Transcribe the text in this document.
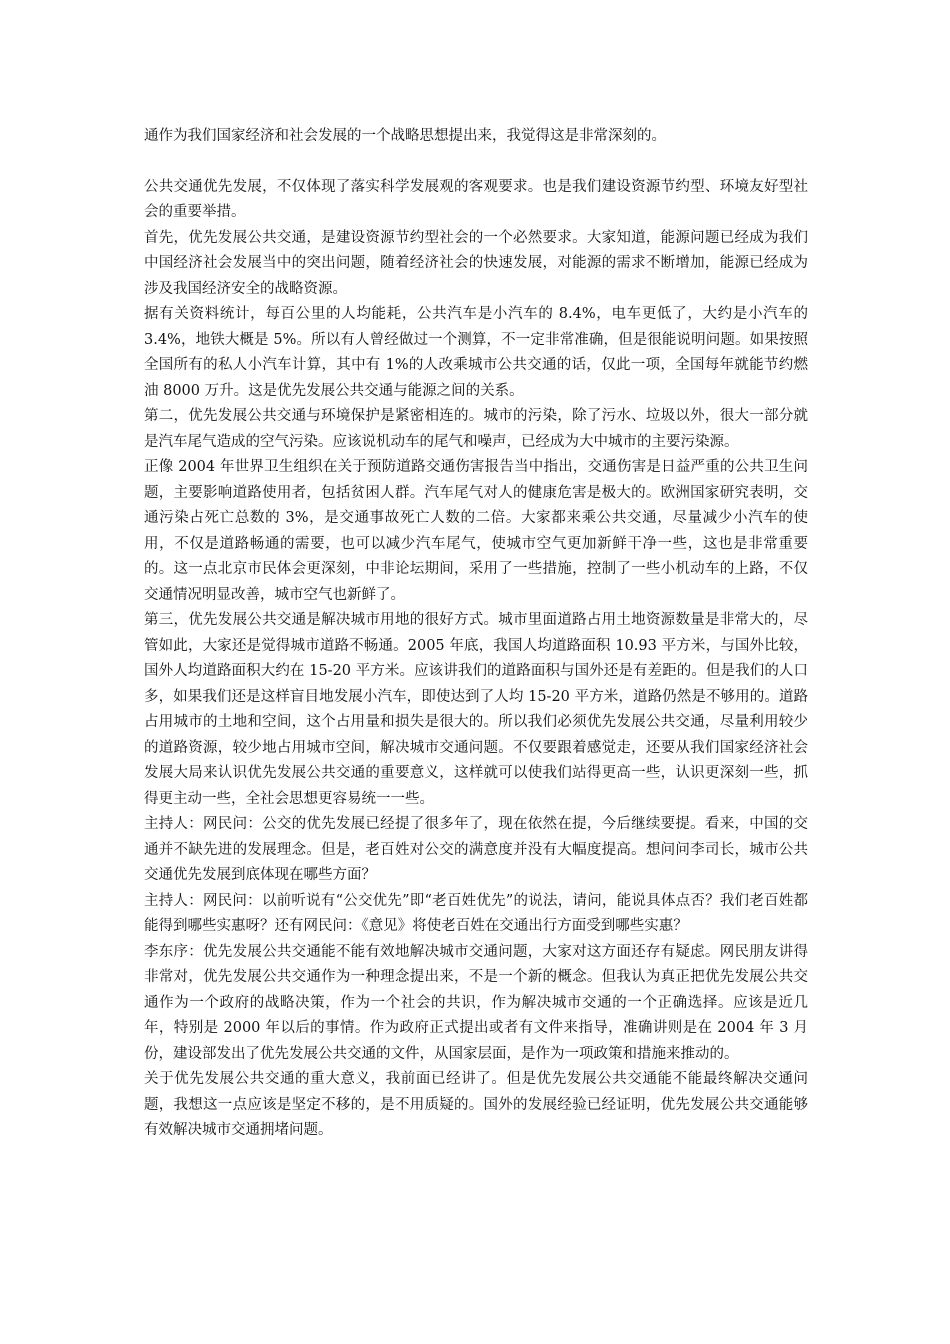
通作为我们国家经济和社会发展的一个战略思想提出来，我觉得这是非常深刻的。

公共交通优先发展，不仅体现了落实科学发展观的客观要求。也是我们建设资源节约型、环境友好型社会的重要举措。

首先，优先发展公共交通，是建设资源节约型社会的一个必然要求。大家知道，能源问题已经成为我们中国经济社会发展当中的突出问题，随着经济社会的快速发展，对能源的需求不断增加，能源已经成为涉及我国经济安全的战略资源。

据有关资料统计，每百公里的人均能耗，公共汽车是小汽车的 8.4%，电车更低了，大约是小汽车的 3.4%，地铁大概是 5%。所以有人曾经做过一个测算，不一定非常准确，但是很能说明问题。如果按照全国所有的私人小汽车计算，其中有 1%的人改乘城市公共交通的话，仅此一项，全国每年就能节约燃油 8000 万升。这是优先发展公共交通与能源之间的关系。

第二，优先发展公共交通与环境保护是紧密相连的。城市的污染，除了污水、垃圾以外，很大一部分就是汽车尾气造成的空气污染。应该说机动车的尾气和噪声，已经成为大中城市的主要污染源。

正像 2004 年世界卫生组织在关于预防道路交通伤害报告当中指出，交通伤害是日益严重的公共卫生问题，主要影响道路使用者，包括贫困人群。汽车尾气对人的健康危害是极大的。欧洲国家研究表明，交通污染占死亡总数的 3%，是交通事故死亡人数的二倍。大家都来乘公共交通，尽量减少小汽车的使用，不仅是道路畅通的需要，也可以减少汽车尾气，使城市空气更加新鲜干净一些，这也是非常重要的。这一点北京市民体会更深刻，中非论坛期间，采用了一些措施，控制了一些小机动车的上路，不仅交通情况明显改善，城市空气也新鲜了。

第三，优先发展公共交通是解决城市用地的很好方式。城市里面道路占用土地资源数量是非常大的，尽管如此，大家还是觉得城市道路不畅通。2005 年底，我国人均道路面积 10.93 平方米，与国外比较，国外人均道路面积大约在 15-20 平方米。应该讲我们的道路面积与国外还是有差距的。但是我们的人口多，如果我们还是这样盲目地发展小汽车，即使达到了人均 15-20 平方米，道路仍然是不够用的。道路占用城市的土地和空间，这个占用量和损失是很大的。所以我们必须优先发展公共交通，尽量利用较少的道路资源，较少地占用城市空间，解决城市交通问题。不仅要跟着感觉走，还要从我们国家经济社会发展大局来认识优先发展公共交通的重要意义，这样就可以使我们站得更高一些，认识更深刻一些，抓得更主动一些，全社会思想更容易统一一些。

主持人：网民问：公交的优先发展已经提了很多年了，现在依然在提，今后继续要提。看来，中国的交通并不缺先进的发展理念。但是，老百姓对公交的满意度并没有大幅度提高。想问问李司长，城市公共交通优先发展到底体现在哪些方面？

主持人：网民问：以前听说有“公交优先”即“老百姓优先”的说法，请问，能说具体点否？我们老百姓都能得到哪些实惠呀？还有网民问：《意见》将使老百姓在交通出行方面受到哪些实惠？

李东序：优先发展公共交通能不能有效地解决城市交通问题，大家对这方面还存有疑虑。网民朋友讲得非常对，优先发展公共交通作为一种理念提出来，不是一个新的概念。但我认为真正把优先发展公共交通作为一个政府的战略决策，作为一个社会的共识，作为解决城市交通的一个正确选择。应该是近几年，特别是 2000 年以后的事情。作为政府正式提出或者有文件来指导，准确讲则是在 2004 年 3 月份，建设部发出了优先发展公共交通的文件，从国家层面，是作为一项政策和措施来推动的。

关于优先发展公共交通的重大意义，我前面已经讲了。但是优先发展公共交通能不能最终解决交通问题，我想这一点应该是坚定不移的，是不用质疑的。国外的发展经验已经证明，优先发展公共交通能够有效解决城市交通拥堵问题。
